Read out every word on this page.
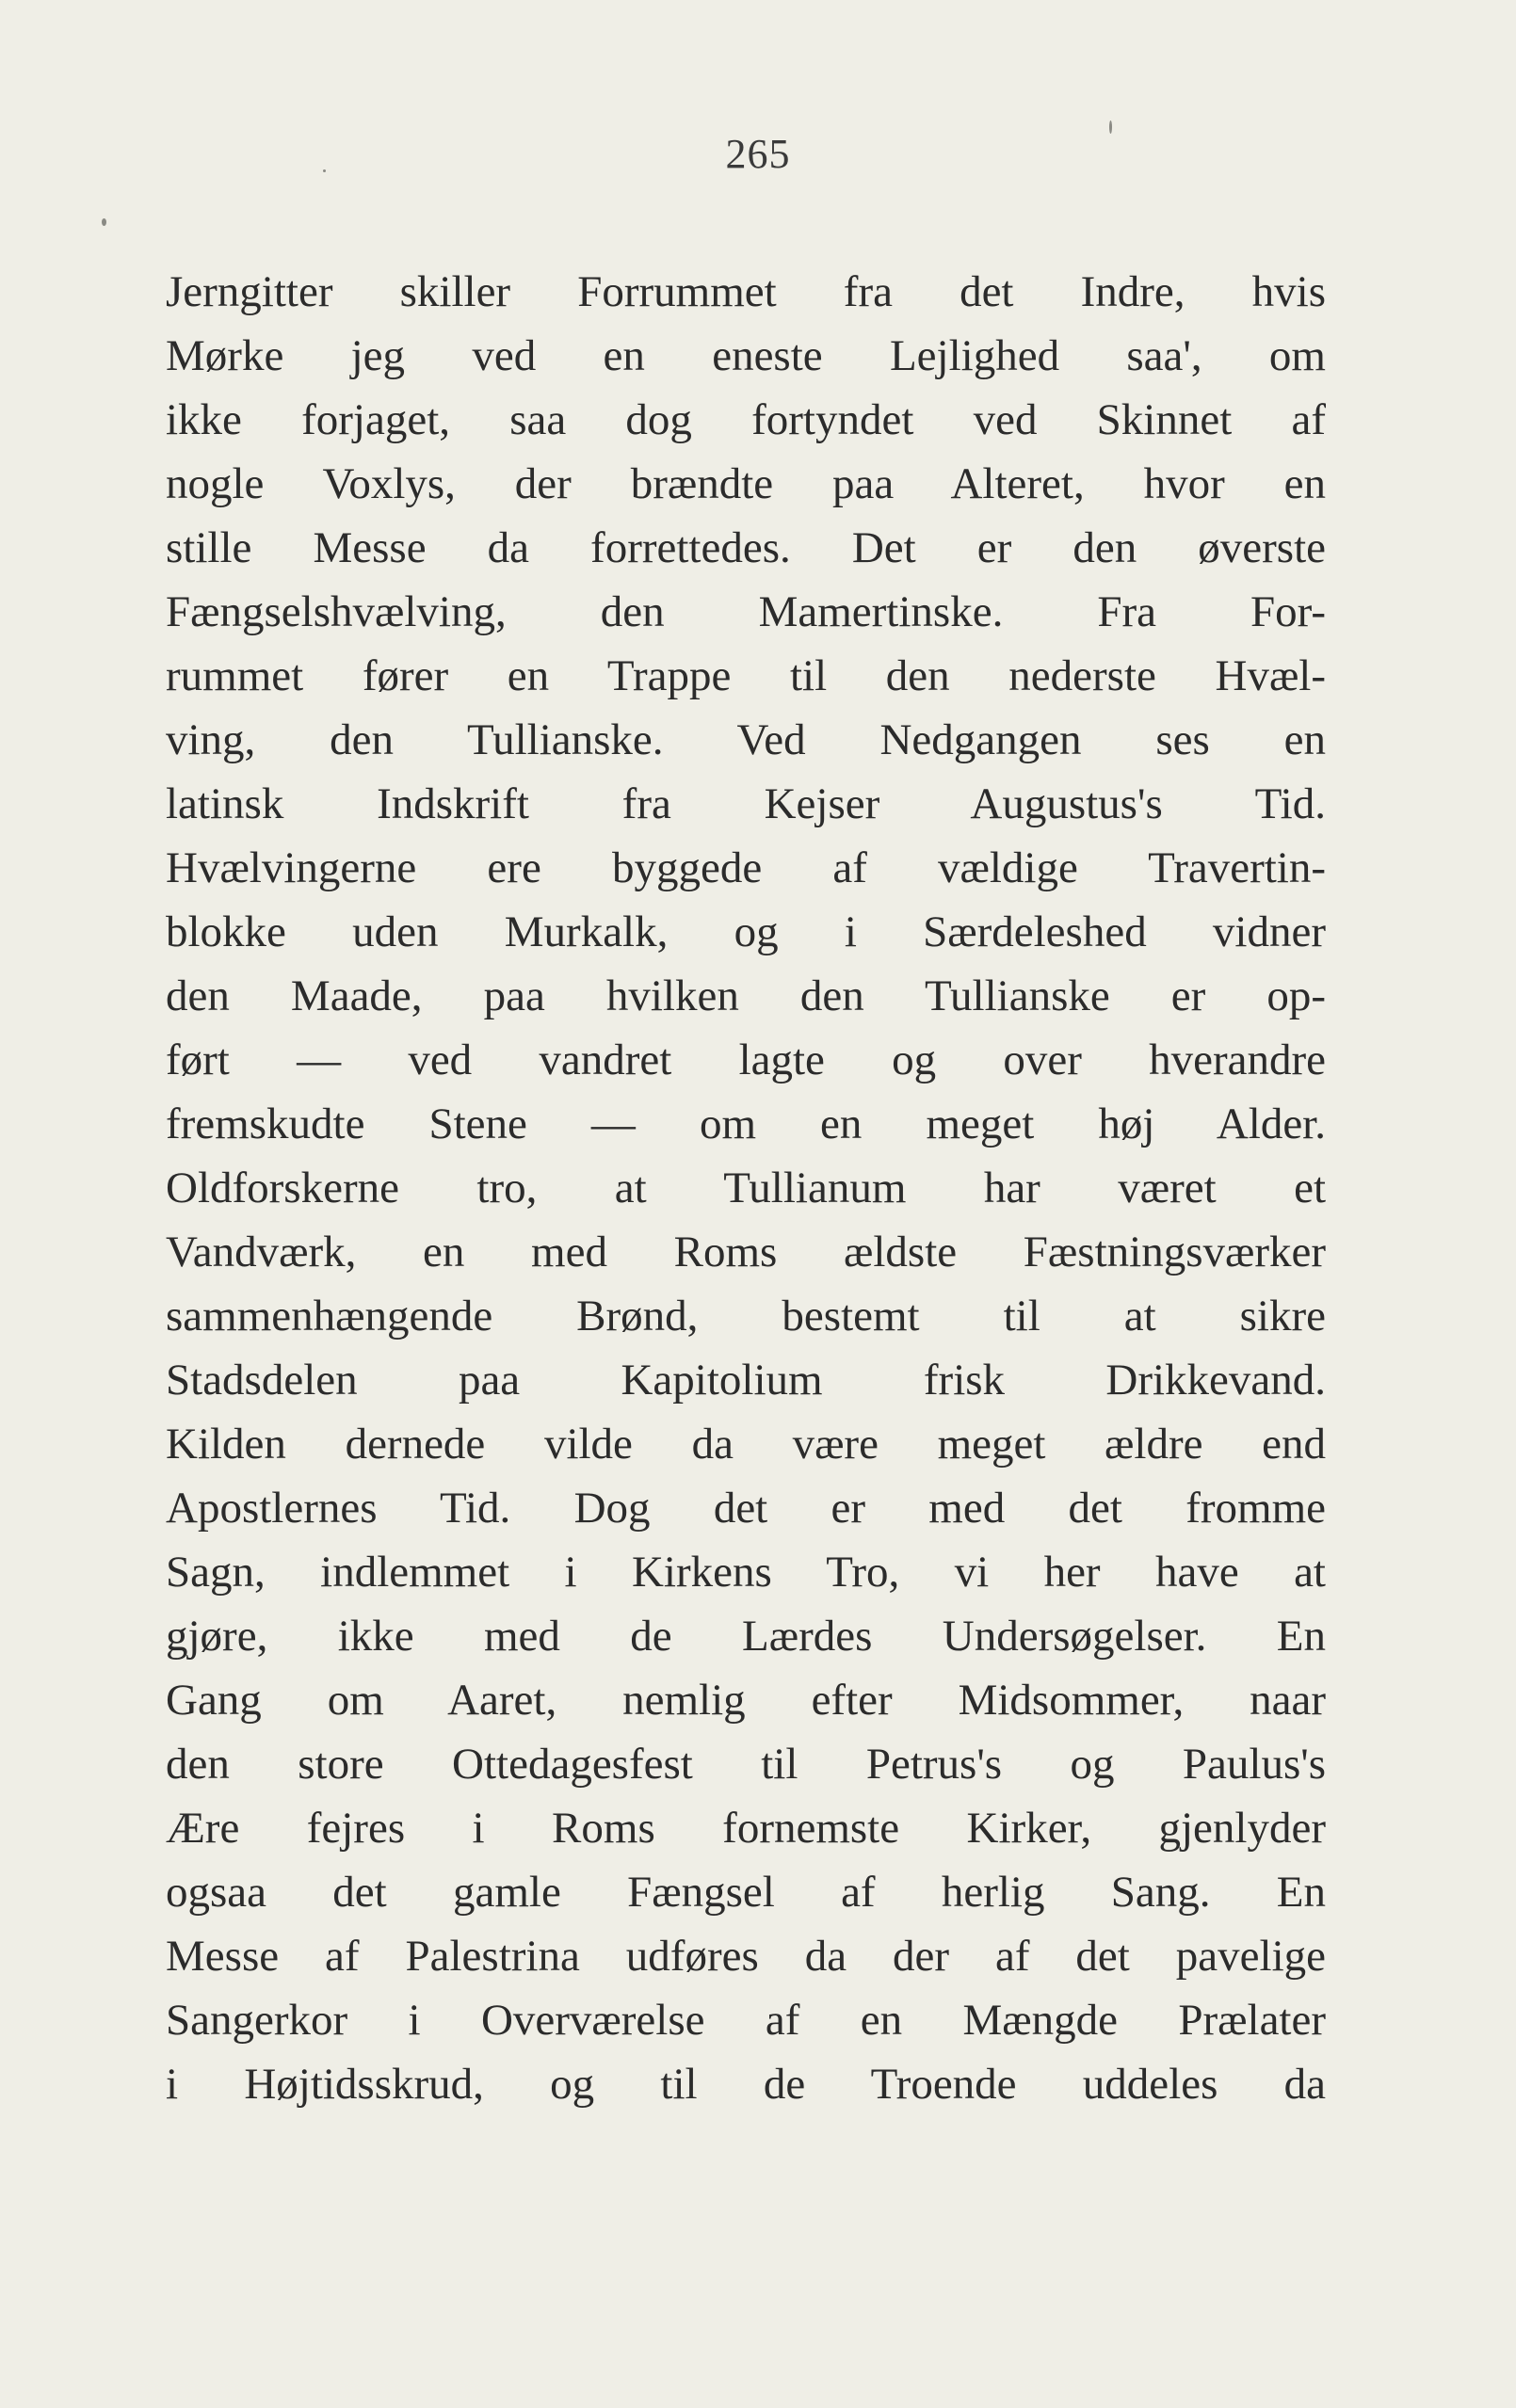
265
Jerngitter skiller Forrummet fra det Indre, hvis
Mørke jeg ved en eneste Lejlighed saa', om
ikke forjaget, saa dog fortyndet ved Skinnet af
nogle Voxlys, der brændte paa Alteret, hvor en
stille Messe da forrettedes. Det er den øverste
Fængselshvælving, den Mamertinske. Fra For-
rummet fører en Trappe til den nederste Hvæl-
ving, den Tullianske. Ved Nedgangen ses en
latinsk Indskrift fra Kejser Augustus's Tid.
Hvælvingerne ere byggede af vældige Travertin-
blokke uden Murkalk, og i Særdeleshed vidner
den Maade, paa hvilken den Tullianske er op-
ført — ved vandret lagte og over hverandre
fremskudte Stene — om en meget høj Alder.
Oldforskerne tro, at Tullianum har været et
Vandværk, en med Roms ældste Fæstningsværker
sammenhængende Brønd, bestemt til at sikre
Stadsdelen paa Kapitolium frisk Drikkevand.
Kilden dernede vilde da være meget ældre end
Apostlernes Tid. Dog det er med det fromme
Sagn, indlemmet i Kirkens Tro, vi her have at
gjøre, ikke med de Lærdes Undersøgelser. En
Gang om Aaret, nemlig efter Midsommer, naar
den store Ottedagesfest til Petrus's og Paulus's
Ære fejres i Roms fornemste Kirker, gjenlyder
ogsaa det gamle Fængsel af herlig Sang. En
Messe af Palestrina udføres da der af det pavelige
Sangerkor i Overværelse af en Mængde Prælater
i Højtidsskrud, og til de Troende uddeles da
